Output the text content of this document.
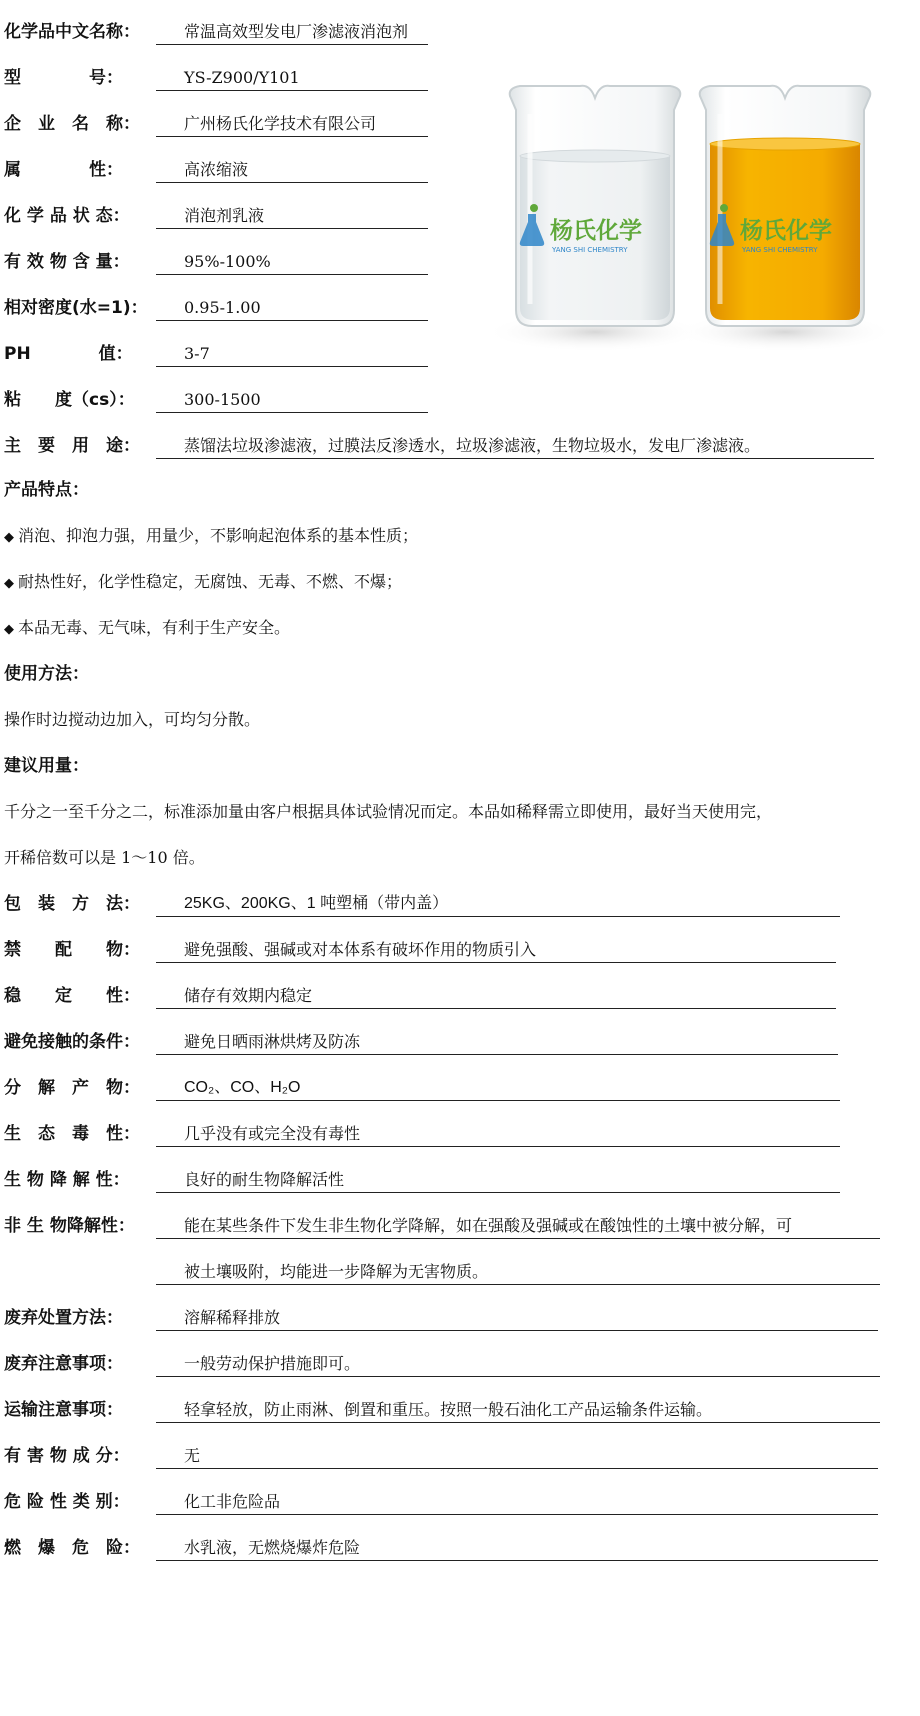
化学品中文名称：	常温高效型发电厂渗滤液消泡剂
型　　　　号：	YS-Z900/Y101
企　业　名　称：	广州杨氏化学技术有限公司
属　　　　性：	高浓缩液
化 学 品 状 态：	消泡剂乳液
有 效 物 含 量：	95%-100%
相对密度(水=1)：	0.95-1.00
PH　　　　值：	3-7
粘　　度（cs）：	300-1500
主　要　用　途：	蒸馏法垃圾渗滤液，过膜法反渗透水，垃圾渗滤液，生物垃圾水，发电厂渗滤液。
杨氏化学
YANG SHI CHEMISTRY
杨氏化学
YANG SHI CHEMISTRY
产品特点：
◆ 消泡、抑泡力强，用量少，不影响起泡体系的基本性质；
◆ 耐热性好，化学性稳定，无腐蚀、无毒、不燃、不爆；
◆ 本品无毒、无气味，有利于生产安全。
使用方法：
操作时边搅动边加入，可均匀分散。
建议用量：
千分之一至千分之二，标准添加量由客户根据具体试验情况而定。本品如稀释需立即使用，最好当天使用完，
开稀倍数可以是 1～10 倍。
包　装　方　法：	25KG、200KG、1 吨塑桶（带内盖）
禁　　配　　物：	避免强酸、强碱或对本体系有破坏作用的物质引入
稳　　定　　性：	储存有效期内稳定
避免接触的条件：	避免日晒雨淋烘烤及防冻
分　解　产　物：	CO₂、CO、H₂O
生　态　毒　性：	几乎没有或完全没有毒性
生 物 降 解 性：	良好的耐生物降解活性
非 生 物降解性：	能在某些条件下发生非生物化学降解，如在强酸及强碱或在酸蚀性的土壤中被分解，可
被土壤吸附，均能进一步降解为无害物质。
废弃处置方法：	溶解稀释排放
废弃注意事项：	一般劳动保护措施即可。
运输注意事项：	轻拿轻放，防止雨淋、倒置和重压。按照一般石油化工产品运输条件运输。
有 害 物 成 分：	无
危 险 性 类 别：	化工非危险品
燃　爆　危　险：	水乳液，无燃烧爆炸危险
